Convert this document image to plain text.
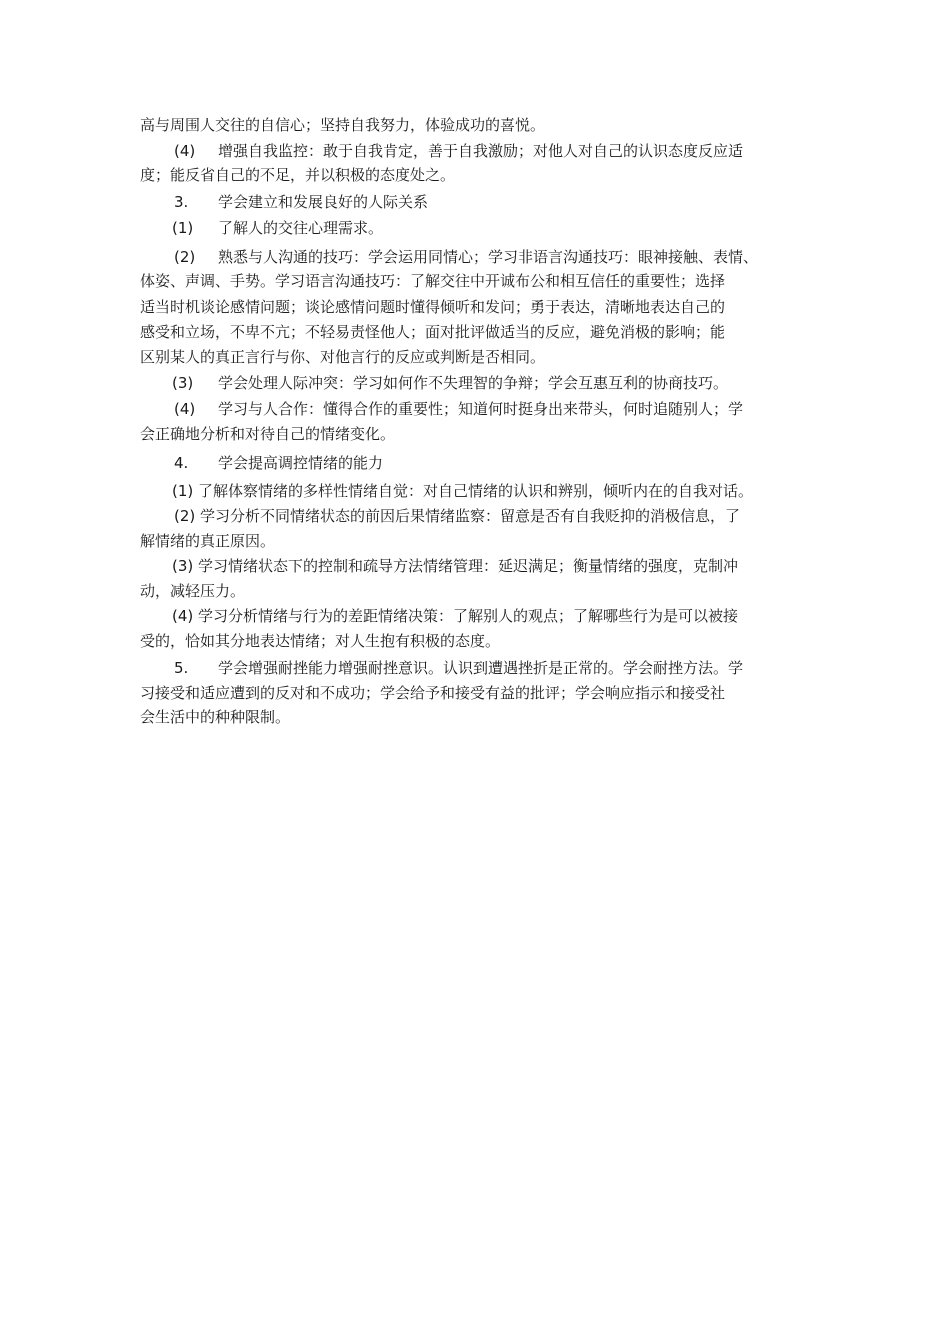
高与周围人交往的自信心；坚持自我努力，体验成功的喜悦。
(4) 增强自我监控：敢于自我肯定，善于自我激励；对他人对自己的认识态度反应适
度；能反省自己的不足，并以积极的态度处之。
3. 学会建立和发展良好的人际关系
(1) 了解人的交往心理需求。
(2) 熟悉与人沟通的技巧：学会运用同情心；学习非语言沟通技巧：眼神接触、表情、
体姿、声调、手势。学习语言沟通技巧：了解交往中开诚布公和相互信任的重要性；选择
适当时机谈论感情问题；谈论感情问题时懂得倾听和发问；勇于表达，清晰地表达自己的
感受和立场，不卑不亢；不轻易责怪他人；面对批评做适当的反应，避免消极的影响；能
区别某人的真正言行与你、对他言行的反应或判断是否相同。
(3) 学会处理人际冲突：学习如何作不失理智的争辩；学会互惠互利的协商技巧。
(4) 学习与人合作：懂得合作的重要性；知道何时挺身出来带头，何时追随别人；学
会正确地分析和对待自己的情绪变化。
4. 学会提高调控情绪的能力
(1) 了解体察情绪的多样性情绪自觉：对自己情绪的认识和辨别，倾听内在的自我对话。
(2) 学习分析不同情绪状态的前因后果情绪监察：留意是否有自我贬抑的消极信息，了
解情绪的真正原因。
(3) 学习情绪状态下的控制和疏导方法情绪管理：延迟满足；衡量情绪的强度，克制冲
动，减轻压力。
(4) 学习分析情绪与行为的差距情绪决策：了解别人的观点；了解哪些行为是可以被接
受的，恰如其分地表达情绪；对人生抱有积极的态度。
5. 学会增强耐挫能力增强耐挫意识。认识到遭遇挫折是正常的。学会耐挫方法。学
习接受和适应遭到的反对和不成功；学会给予和接受有益的批评；学会响应指示和接受社
会生活中的种种限制。
